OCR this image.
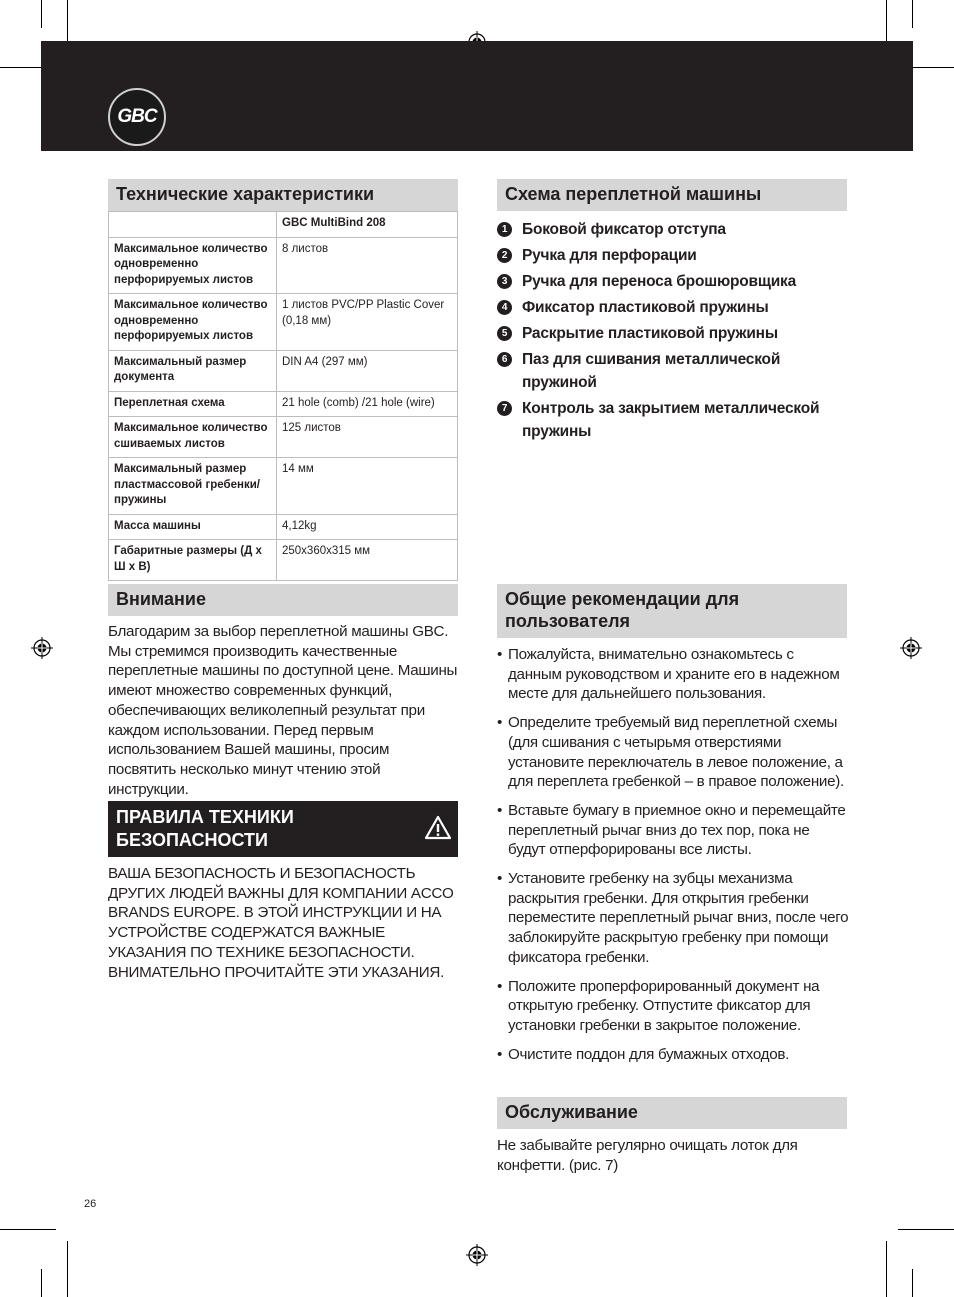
GBC
Технические характеристики
	GBC MultiBind 208
Максимальное количество одновременно перфорируемых листов	8 листов
Максимальное количество одновременно перфорируемых листов	1 листов PVC/PP Plastic Cover (0,18 мм)
Максимальный размер документа	DIN A4 (297 мм)
Переплетная схема	21 hole (comb) /21 hole (wire)
Максимальное количество сшиваемых листов	125 листов
Максимальный размер пластмассовой гребенки/ пружины	14 мм
Масса машины	4,12kg
Габаритные размеры (Д x Ш x В)	250x360x315 мм
Схема переплетной машины
1 Боковой фиксатор отступа
2 Ручка для перфорации
3 Ручка для переноса брошюровщика
4 Фиксатор пластиковой пружины
5 Раскрытие пластиковой пружины
6 Паз для сшивания металлической пружиной
7 Контроль за закрытием металлической пружины
Внимание
Благодарим за выбор переплетной машины GBC. Мы стремимся производить качественные переплетные машины по доступной цене. Машины имеют множество современных функций, обеспечивающих великолепный результат при каждом использовании. Перед первым использованием Вашей машины, просим посвятить несколько минут чтению этой инструкции.
ПРАВИЛА ТЕХНИКИ
БЕЗОПАСНОСТИ
ВАША БЕЗОПАСНОСТЬ И БЕЗОПАСНОСТЬ ДРУГИХ ЛЮДЕЙ ВАЖНЫ ДЛЯ КОМПАНИИ ACCO BRANDS EUROPE. В ЭТОЙ ИНСТРУКЦИИ И НА УСТРОЙСТВЕ СОДЕРЖАТСЯ ВАЖНЫЕ УКАЗАНИЯ ПО ТЕХНИКЕ БЕЗОПАСНОСТИ. ВНИМАТЕЛЬНО ПРОЧИТАЙТЕ ЭТИ УКАЗАНИЯ.
Общие рекомендации для
пользователя
• Пожалуйста, внимательно ознакомьтесь с данным руководством и храните его в надежном месте для дальнейшего пользования.
• Определите требуемый вид переплетной схемы (для сшивания с четырьмя отверстиями установите переключатель в левое положение, а для переплета гребенкой – в правое положение).
• Вставьте бумагу в приемное окно и перемещайте переплетный рычаг вниз до тех пор, пока не будут отперфорированы все листы.
• Установите гребенку на зубцы механизма раскрытия гребенки. Для открытия гребенки переместите переплетный рычаг вниз, после чего заблокируйте раскрытую гребенку при помощи фиксатора гребенки.
• Положите проперфорированный документ на открытую гребенку. Отпустите фиксатор для установки гребенки в закрытое положение.
• Очистите поддон для бумажных отходов.
Обслуживание
Не забывайте регулярно очищать лоток для конфетти. (рис. 7)
26
